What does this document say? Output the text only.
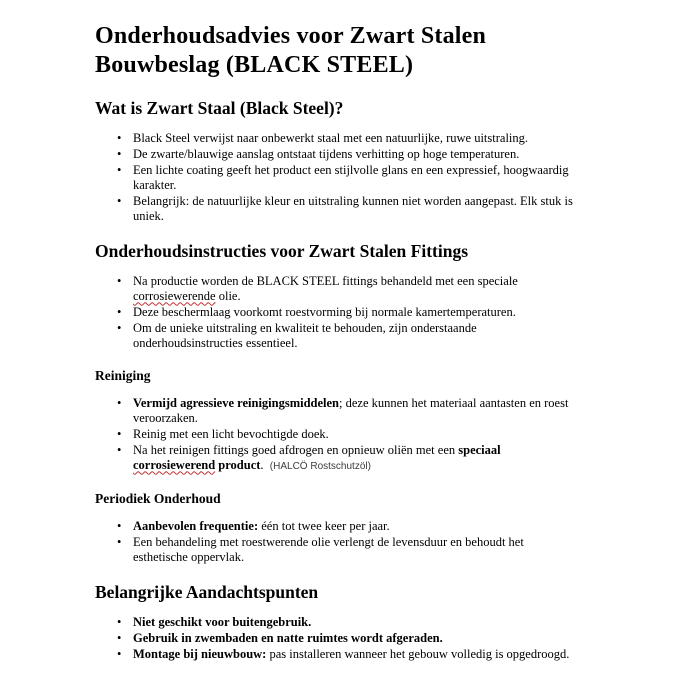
Onderhoudsadvies voor Zwart Stalen Bouwbeslag (BLACK STEEL)
Wat is Zwart Staal (Black Steel)?
• Black Steel verwijst naar onbewerkt staal met een natuurlijke, ruwe uitstraling.
• De zwarte/blauwige aanslag ontstaat tijdens verhitting op hoge temperaturen.
• Een lichte coating geeft het product een stijlvolle glans en een expressief, hoogwaardig karakter.
• Belangrijk: de natuurlijke kleur en uitstraling kunnen niet worden aangepast. Elk stuk is uniek.
Onderhoudsinstructies voor Zwart Stalen Fittings
• Na productie worden de BLACK STEEL fittings behandeld met een speciale corrosiewerende olie.
• Deze beschermlaag voorkomt roestvorming bij normale kamertemperaturen.
• Om de unieke uitstraling en kwaliteit te behouden, zijn onderstaande onderhoudsinstructies essentieel.
Reiniging
• Vermijd agressieve reinigingsmiddelen; deze kunnen het materiaal aantasten en roest veroorzaken.
• Reinig met een licht bevochtigde doek.
• Na het reinigen fittings goed afdrogen en opnieuw oliën met een speciaal corrosiewerend product. (HALCÖ Rostschutzöl)
Periodiek Onderhoud
• Aanbevolen frequentie: één tot twee keer per jaar.
• Een behandeling met roestwerende olie verlengt de levensduur en behoudt het esthetische oppervlak.
Belangrijke Aandachtspunten
• Niet geschikt voor buitengebruik.
• Gebruik in zwembaden en natte ruimtes wordt afgeraden.
• Montage bij nieuwbouw: pas installeren wanneer het gebouw volledig is opgedroogd.
